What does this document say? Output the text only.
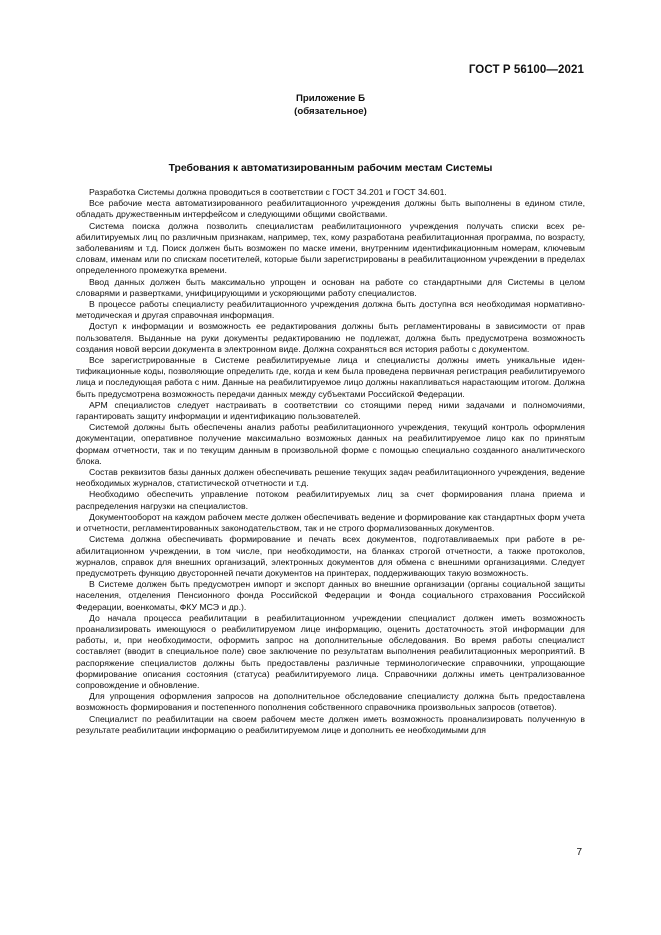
ГОСТ Р 56100—2021
Приложение Б
(обязательное)
Требования к автоматизированным рабочим местам Системы

Разработка Системы должна проводиться в соответствии с ГОСТ 34.201 и ГОСТ 34.601.

Все рабочие места автоматизированного реабилитационного учреждения должны быть выполнены в едином стиле, обладать дружественным интерфейсом и следующими общими свойствами.

Система поиска должна позволить специалистам реабилитационного учреждения получать списки всех реабилитируемых лиц по различным признакам, например, тех, кому разработана реабилитационная программа, по возрасту, заболеваниям и т.д. Поиск должен быть возможен по маске имени, внутренним идентификационным номерам, ключевым словам, именам или по спискам посетителей, которые были зарегистрированы в реабилитационном учреждении в пределах определенного промежутка времени.

Ввод данных должен быть максимально упрощен и основан на работе со стандартными для Системы в целом словарями и развертками, унифицирующими и ускоряющими работу специалистов.

В процессе работы специалисту реабилитационного учреждения должна быть доступна вся необходимая нормативно-методическая и другая справочная информация.

Доступ к информации и возможность ее редактирования должны быть регламентированы в зависимости от прав пользователя. Выданные на руки документы редактированию не подлежат, должна быть предусмотрена возможность создания новой версии документа в электронном виде. Должна сохраняться вся история работы с документом.

Все зарегистрированные в Системе реабилитируемые лица и специалисты должны иметь уникальные идентификационные коды, позволяющие определить где, когда и кем была проведена первичная регистрация реабилитируемого лица и последующая работа с ним. Данные на реабилитируемое лицо должны накапливаться нарастающим итогом. Должна быть предусмотрена возможность передачи данных между субъектами Российской Федерации.

АРМ специалистов следует настраивать в соответствии со стоящими перед ними задачами и полномочиями, гарантировать защиту информации и идентификацию пользователей.

Системой должны быть обеспечены анализ работы реабилитационного учреждения, текущий контроль оформления документации, оперативное получение максимально возможных данных на реабилитируемое лицо как по принятым формам отчетности, так и по текущим данным в произвольной форме с помощью специально созданного аналитического блока.

Состав реквизитов базы данных должен обеспечивать решение текущих задач реабилитационного учреждения, ведение необходимых журналов, статистической отчетности и т.д.

Необходимо обеспечить управление потоком реабилитируемых лиц за счет формирования плана приема и распределения нагрузки на специалистов.

Документооборот на каждом рабочем месте должен обеспечивать ведение и формирование как стандартных форм учета и отчетности, регламентированных законодательством, так и не строго формализованных документов.

Система должна обеспечивать формирование и печать всех документов, подготавливаемых при работе в реабилитационном учреждении, в том числе, при необходимости, на бланках строгой отчетности, а также протоколов, журналов, справок для внешних организаций, электронных документов для обмена с внешними организациями. Следует предусмотреть функцию двусторонней печати документов на принтерах, поддерживающих такую возможность.

В Системе должен быть предусмотрен импорт и экспорт данных во внешние организации (органы социальной защиты населения, отделения Пенсионного фонда Российской Федерации и Фонда социального страхования Российской Федерации, военкоматы, ФКУ МСЭ и др.).

До начала процесса реабилитации в реабилитационном учреждении специалист должен иметь возможность проанализировать имеющуюся о реабилитируемом лице информацию, оценить достаточность этой информации для работы, и, при необходимости, оформить запрос на дополнительные обследования. Во время работы специалист составляет (вводит в специальное поле) свое заключение по результатам выполнения реабилитационных мероприятий. В распоряжение специалистов должны быть предоставлены различные терминологические справочники, упрощающие формирование описания состояния (статуса) реабилитируемого лица. Справочники должны иметь централизованное сопровождение и обновление.

Для упрощения оформления запросов на дополнительное обследование специалисту должна быть предоставлена возможность формирования и постепенного пополнения собственного справочника произвольных запросов (ответов).

Специалист по реабилитации на своем рабочем месте должен иметь возможность проанализировать полученную в результате реабилитации информацию о реабилитируемом лице и дополнить ее необходимыми для

7
